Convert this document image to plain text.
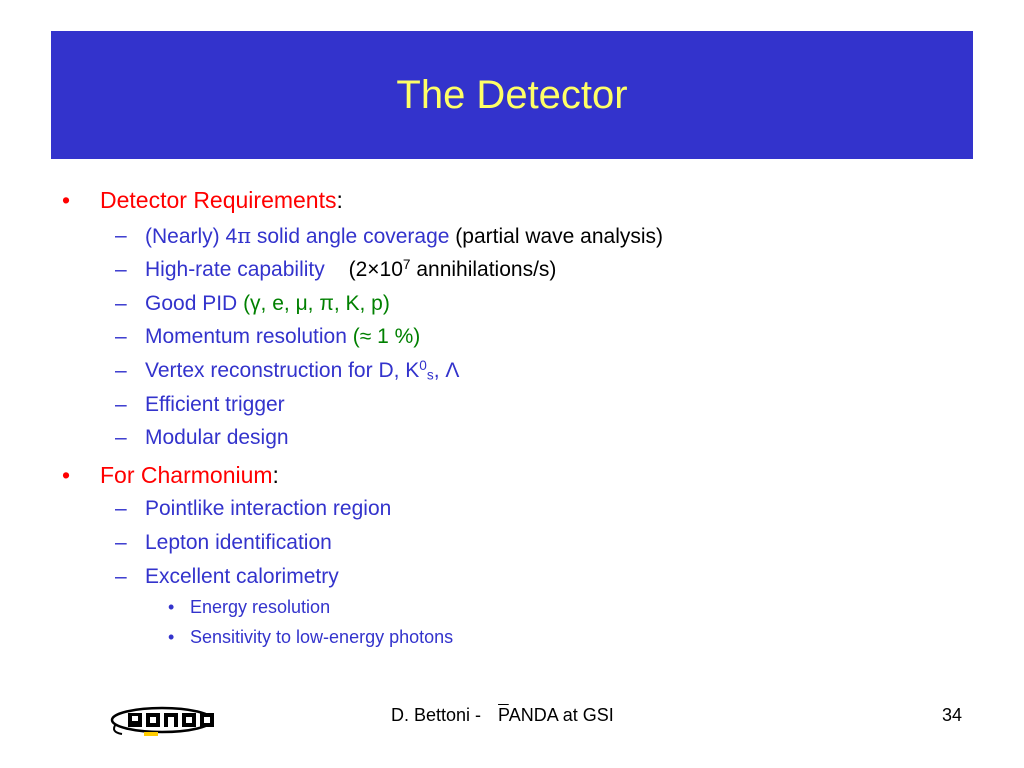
The Detector
• Detector Requirements:
– (Nearly) 4π solid angle coverage (partial wave analysis)
– High-rate capability ($2\times 10^7$ annihilations/s)
– Good PID (γ, e, μ, π, K, p)
– Momentum resolution (≈ 1 %)
– Vertex reconstruction for D, $K^0_s$, Λ
– Efficient trigger
– Modular design
• For Charmonium:
– Pointlike interaction region
– Lepton identification
– Excellent calorimetry
• Energy resolution
• Sensitivity to low-energy photons
D. Bettoni - $\overline{P}ANDA$ at GSI	34
